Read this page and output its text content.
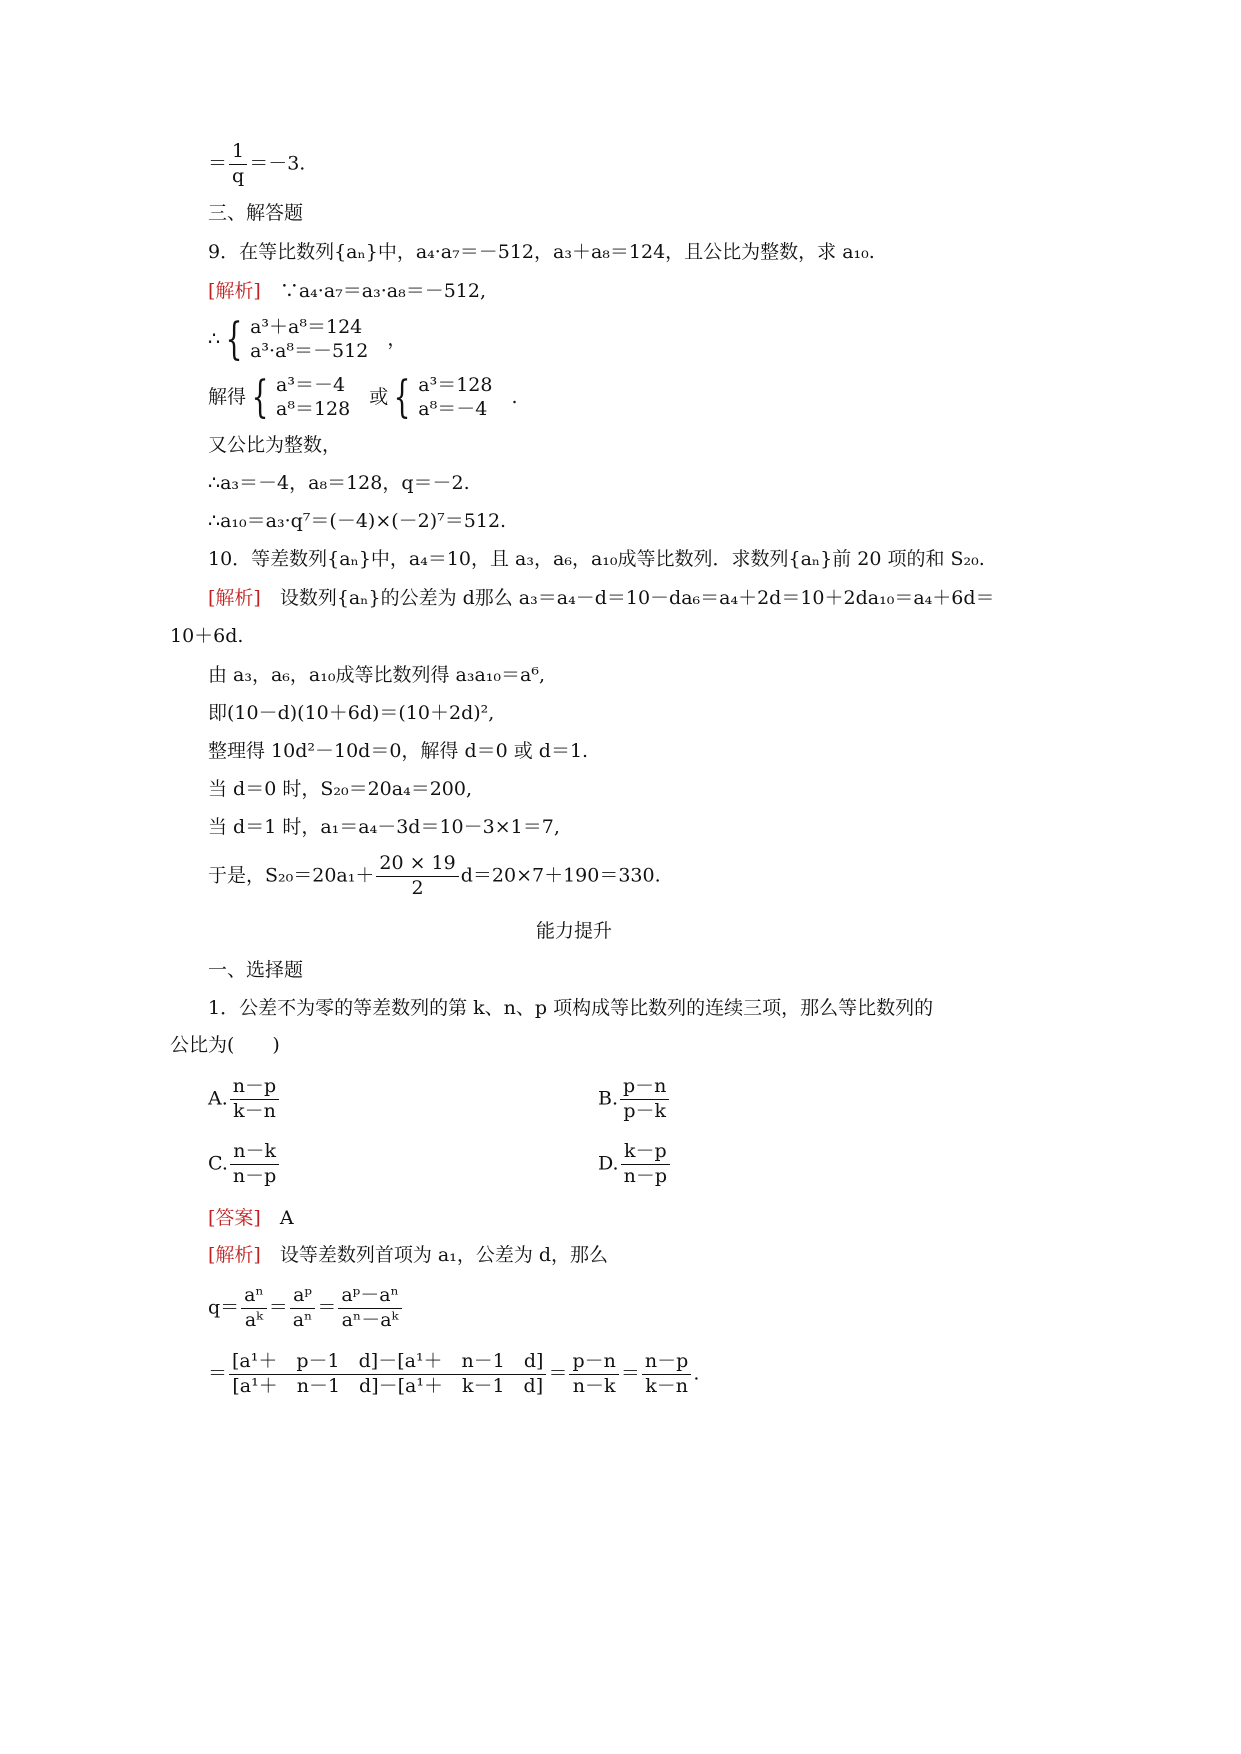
＝ $\frac{1}{q} =-3$.
三、解答题
9．在等比数列{aₙ}中，a₄·a₇＝－512，a₃＋a₈＝124，且公比为整数，求 a₁₀.
[解析]　 ∵a₄·a₇＝a₃·a₈＝－512,
∴ { a³＋a⁸＝124
a³·a⁸＝－512　，
解得 { a³＝－4
a⁸＝128　或 { a³＝128
a⁸＝－4　.
又公比为整数，
∴a₃＝－4，a₈＝128，q＝－2.
∴a₁₀＝a₃·q⁷＝(－4)×(－2)⁷＝512.
10．等差数列{aₙ}中，a₄＝10，且 a₃，a₆，a₁₀成等比数列．求数列{aₙ}前 20 项的和 S₂₀.
[解析]　 设数列{aₙ}的公差为 d那么 a₃＝a₄－d＝10－da₆＝a₄＋2d＝10＋2da₁₀＝a₄＋6d＝
10＋6d.
由 a₃，a₆，a₁₀成等比数列得 a₃a₁₀＝a⁶,
即(10－d)(10＋6d)＝(10＋2d)²,
整理得 10d²－10d＝0，解得 d＝0 或 d＝1.
当 d＝0 时，S₂₀＝20a₄＝200,
当 d＝1 时，a₁＝a₄－3d＝10－3×1＝7,
于是，$S_{20}=20a_1+ \frac{20 \times 19}{2} d=20\times 7+190=330$.
能力提升
一、选择题
1．公差不为零的等差数列的第 k、n、p 项构成等比数列的连续三项，那么等比数列的
公比为(　　)
A. $\frac{n-p}{k-n}$	B. $\frac{p-n}{p-k}$
C. $\frac{n-k}{n-p}$	D. $\frac{k-p}{n-p}$
[答案]　 A
[解析]　 设等差数列首项为 a₁，公差为 d，那么
$q= \frac{\text{aⁿ}}{\text{aᵏ}} = \frac{\text{aᵖ}}{\text{aⁿ}} = \frac{\text{aᵖ－aⁿ}}{\text{aⁿ－aᵏ}}$
＝ $\frac{\text{[a¹＋　p－1　d]－[a¹＋　n－1　d]}}{\text{[a¹＋　n－1　d]－[a¹＋　k－1　d]}} = \frac{p-n}{n-k} = \frac{n-p}{k-n}$ .
